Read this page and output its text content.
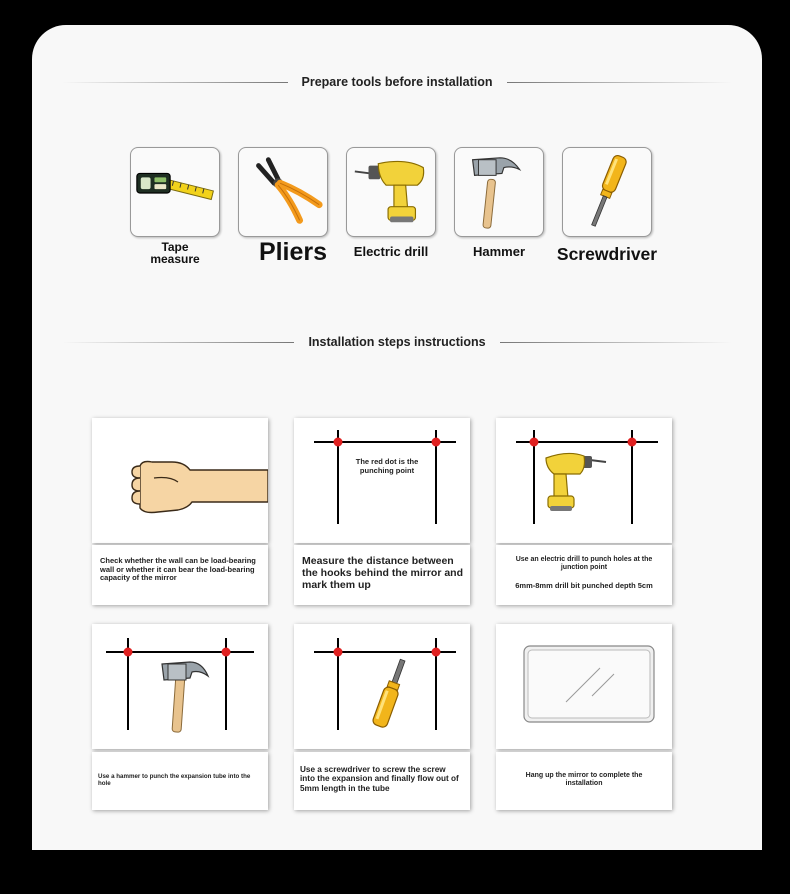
Prepare tools before installation
Tape
measure	Pliers	Electric drill	Hammer	Screwdriver
Installation steps instructions
Check whether the wall can be load-bearing wall or whether it can bear the load-bearing capacity of the mirror
The red dot is the punching point
Measure the distance between the hooks behind the mirror and mark them up
Use an electric drill to punch holes at the junction point
6mm-8mm drill bit punched depth 5cm
Use a hammer to punch the expansion tube into the hole
Use a screwdriver to screw the screw into the expansion and finally flow out of 5mm length in the tube
Hang up the mirror to complete the installation
